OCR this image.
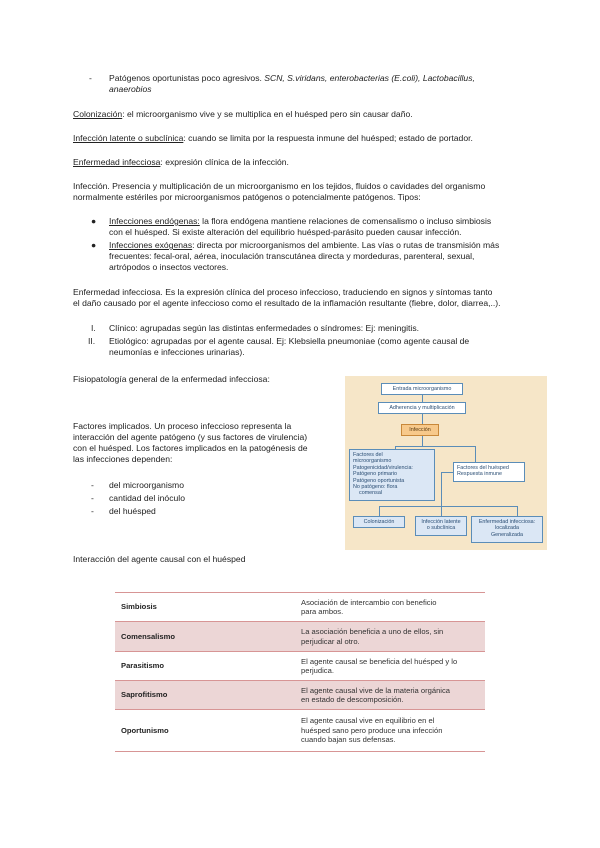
- Patógenos oportunistas poco agresivos. SCN, S.viridans, enterobacterias (E.coli), Lactobacillus,
anaerobios
Colonización: el microorganismo vive y se multiplica en el huésped pero sin causar daño.
Infección latente o subclínica: cuando se limita por la respuesta inmune del huésped; estado de portador.
Enfermedad infecciosa: expresión clínica de la infección.
Infección. Presencia y multiplicación de un microorganismo en los tejidos, fluidos o cavidades del organismo
normalmente estériles por microorganismos patógenos o potencialmente patógenos. Tipos:
● Infecciones endógenas: la flora endógena mantiene relaciones de comensalismo o incluso simbiosis
con el huésped. Si existe alteración del equilibrio huésped-parásito pueden causar infección.
● Infecciones exógenas: directa por microorganismos del ambiente. Las vías o rutas de transmisión más
frecuentes: fecal-oral, aérea, inoculación transcutánea directa y mordeduras, parenteral, sexual,
artrópodos o insectos vectores.
Enfermedad infecciosa. Es la expresión clínica del proceso infeccioso, traduciendo en signos y síntomas tanto
el daño causado por el agente infeccioso como el resultado de la inflamación resultante (fiebre, dolor, diarrea,..).
I. Clínico: agrupadas según las distintas enfermedades o síndromes: Ej: meningitis.
II. Etiológico: agrupadas por el agente causal. Ej: Klebsiella pneumoniae (como agente causal de
neumonías e infecciones urinarias).
Fisiopatología general de la enfermedad infecciosa:
Factores implicados. Un proceso infeccioso representa la
interacción del agente patógeno (y sus factores de virulencia)
con el huésped. Los factores implicados en la patogénesis de
las infecciones dependen:
- del microorganismo
- cantidad del inóculo
- del huésped
Entrada microorganismo
Adherencia y multiplicación
Infección
Factores del
microorganismo
Patogenicidad/virulencia:
Patógeno primario
Patógeno oportunista
No patógeno: flora
comensal
Factores del huésped
Respuesta inmune
Colonización	Infección latente
o subclínica
Enfermedad infecciosa:
localizada
Generalizada
Interacción del agente causal con el huésped
Simbiosis	Asociación de intercambio con beneficio
para ambos.

Comensalismo	La asociación beneficia a uno de ellos, sin
perjudicar al otro.

Parasitismo	El agente causal se beneficia del huésped y lo
perjudica.

Saprofitismo	El agente causal vive de la materia orgánica
en estado de descomposición.

Oportunismo	El agente causal vive en equilibrio en el
huésped sano pero produce una infección
cuando bajan sus defensas.
